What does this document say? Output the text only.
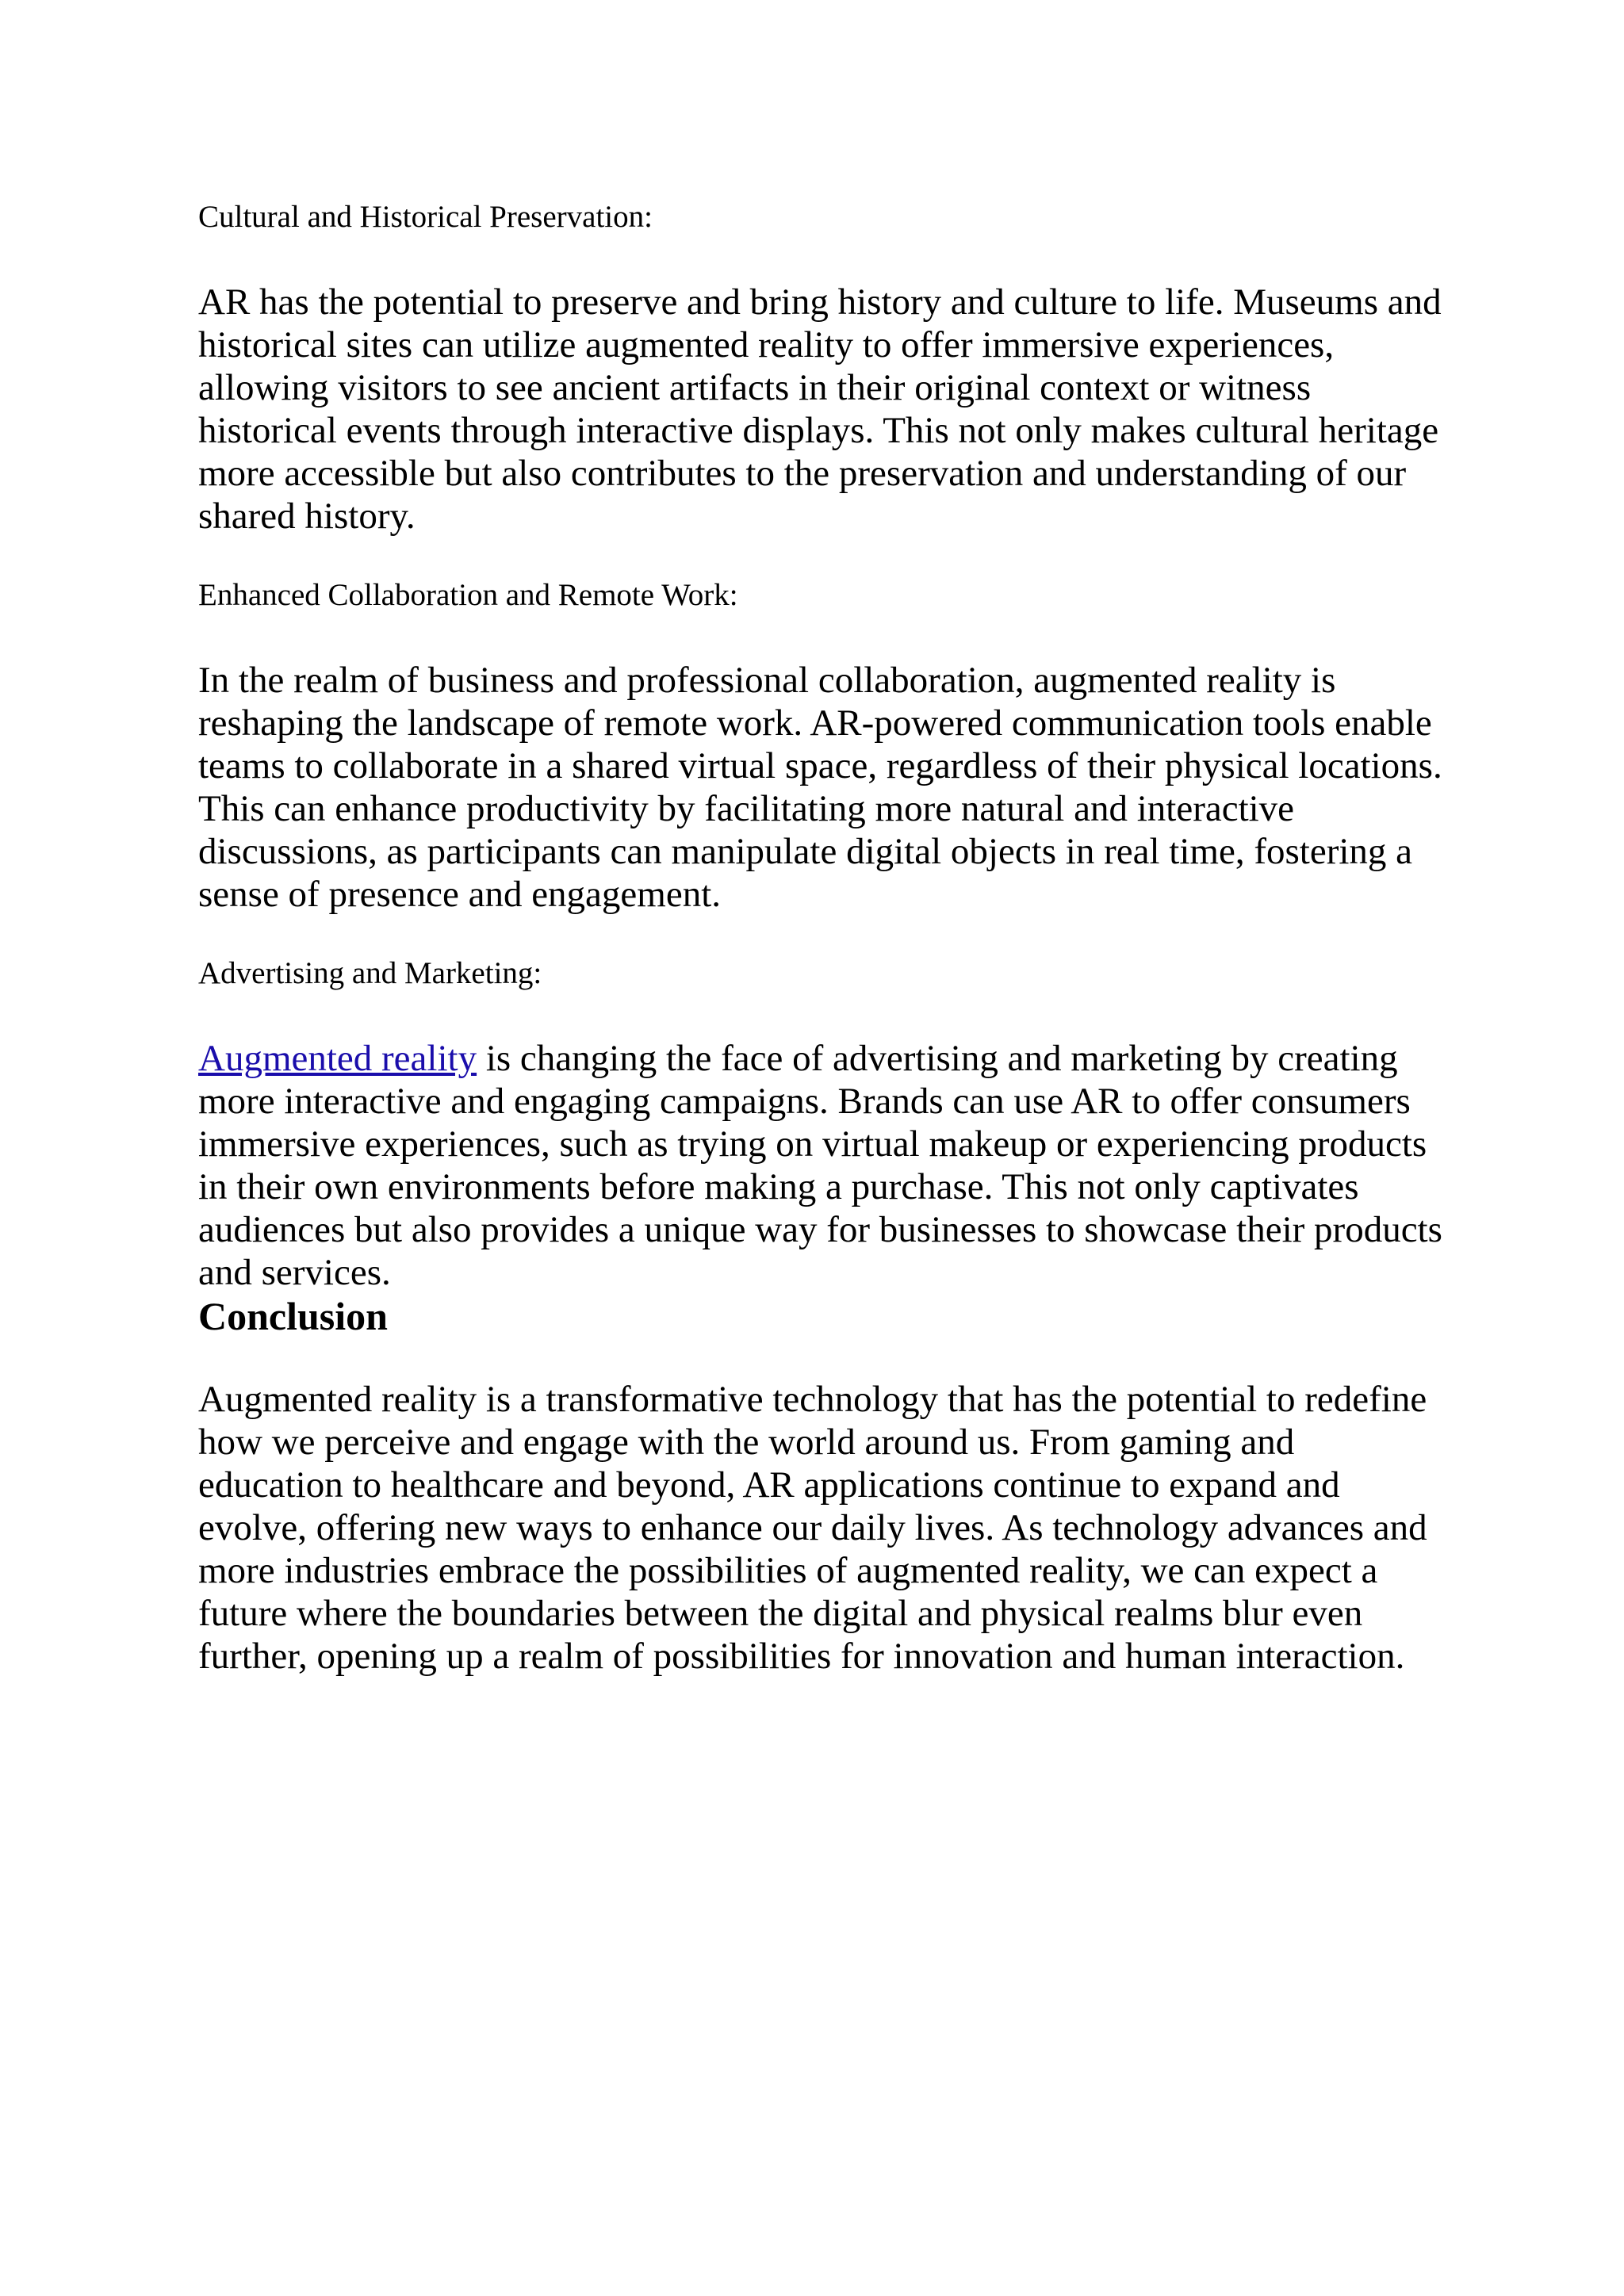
Cultural and Historical Preservation:

AR has the potential to preserve and bring history and culture to life. Museums and
historical sites can utilize augmented reality to offer immersive experiences,
allowing visitors to see ancient artifacts in their original context or witness
historical events through interactive displays. This not only makes cultural heritage
more accessible but also contributes to the preservation and understanding of our
shared history.

Enhanced Collaboration and Remote Work:

In the realm of business and professional collaboration, augmented reality is
reshaping the landscape of remote work. AR-powered communication tools enable
teams to collaborate in a shared virtual space, regardless of their physical locations.
This can enhance productivity by facilitating more natural and interactive
discussions, as participants can manipulate digital objects in real time, fostering a
sense of presence and engagement.

Advertising and Marketing:

Augmented reality is changing the face of advertising and marketing by creating
more interactive and engaging campaigns. Brands can use AR to offer consumers
immersive experiences, such as trying on virtual makeup or experiencing products
in their own environments before making a purchase. This not only captivates
audiences but also provides a unique way for businesses to showcase their products
and services.

Conclusion

Augmented reality is a transformative technology that has the potential to redefine
how we perceive and engage with the world around us. From gaming and
education to healthcare and beyond, AR applications continue to expand and
evolve, offering new ways to enhance our daily lives. As technology advances and
more industries embrace the possibilities of augmented reality, we can expect a
future where the boundaries between the digital and physical realms blur even
further, opening up a realm of possibilities for innovation and human interaction.
